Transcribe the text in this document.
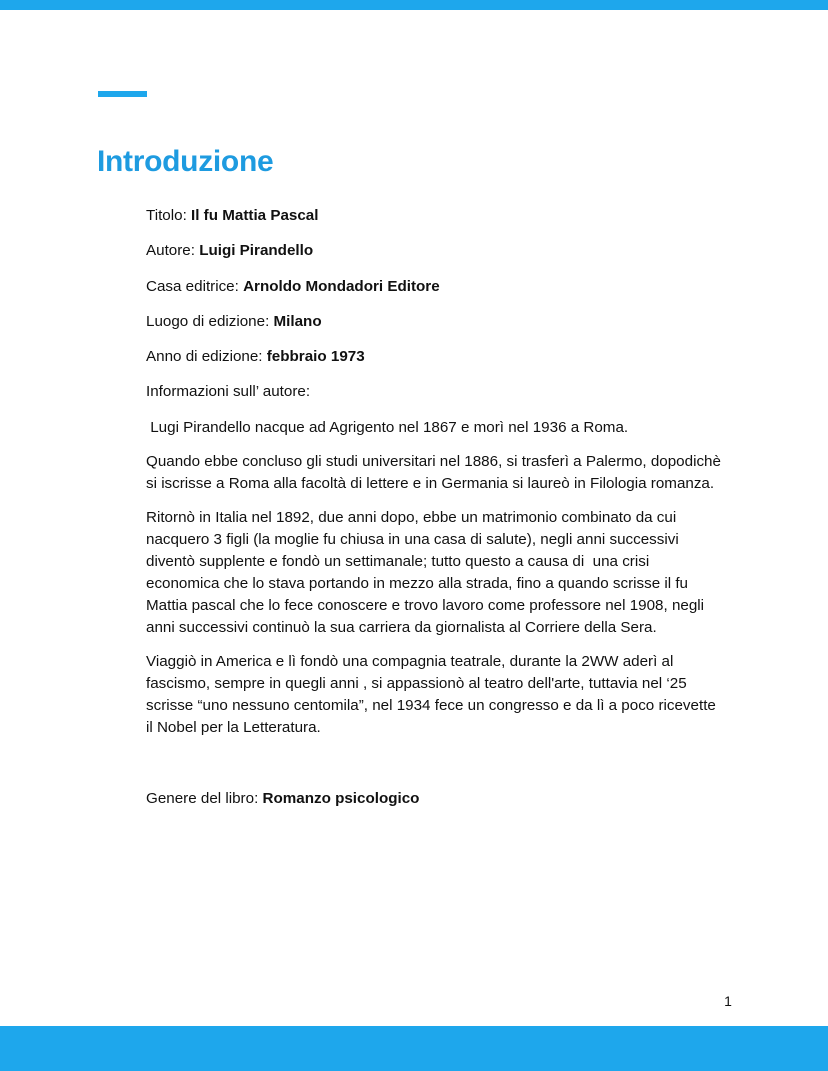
Introduzione

Titolo: Il fu Mattia Pascal

Autore: Luigi Pirandello

Casa editrice: Arnoldo Mondadori Editore

Luogo di edizione: Milano

Anno di edizione: febbraio 1973

Informazioni sull’ autore:

Lugi Pirandello nacque ad Agrigento nel 1867 e morì nel 1936 a Roma.

Quando ebbe concluso gli studi universitari nel 1886, si trasferì a Palermo, dopodichè si iscrisse a Roma alla facoltà di lettere e in Germania si laureò in Filologia romanza.

Ritornò in Italia nel 1892, due anni dopo, ebbe un matrimonio combinato da cui nacquero 3 figli (la moglie fu chiusa in una casa di salute), negli anni successivi diventò supplente e fondò un settimanale; tutto questo a causa di  una crisi economica che lo stava portando in mezzo alla strada, fino a quando scrisse il fu Mattia pascal che lo fece conoscere e trovo lavoro come professore nel 1908, negli anni successivi continuò la sua carriera da giornalista al Corriere della Sera.

Viaggiò in America e lì fondò una compagnia teatrale, durante la 2WW aderì al fascismo, sempre in quegli anni , si appassionò al teatro dell'arte, tuttavia nel ‘25 scrisse “uno nessuno centomila”, nel 1934 fece un congresso e da lì a poco ricevette il Nobel per la Letteratura.

Genere del libro: Romanzo psicologico

1
